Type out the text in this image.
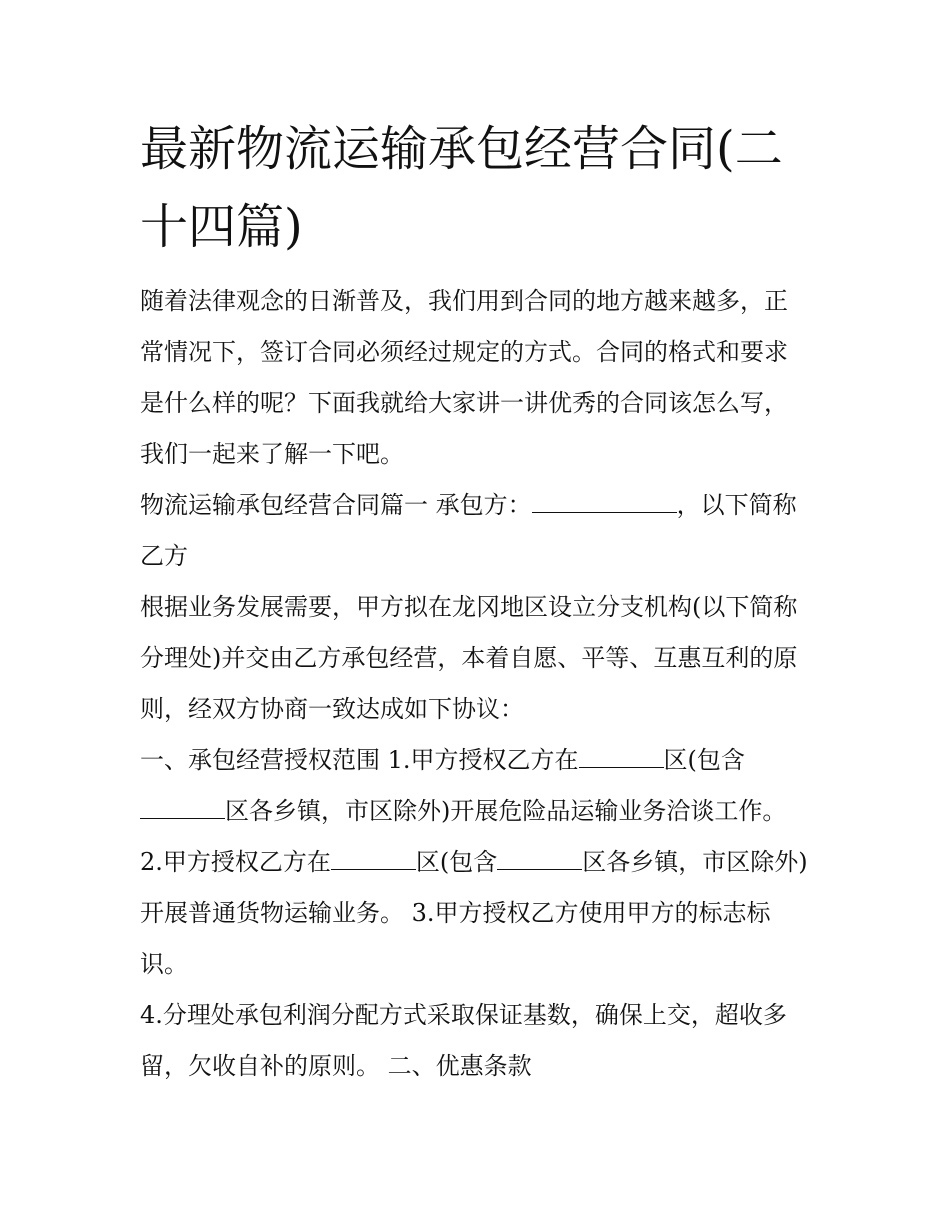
最新物流运输承包经营合同(二十四篇)

随着法律观念的日渐普及，我们用到合同的地方越来越多，正常情况下，签订合同必须经过规定的方式。合同的格式和要求是什么样的呢？下面我就给大家讲一讲优秀的合同该怎么写，我们一起来了解一下吧。

物流运输承包经营合同篇一 承包方：	，以下简称乙方

根据业务发展需要，甲方拟在龙冈地区设立分支机构(以下简称分理处)并交由乙方承包经营，本着自愿、平等、互惠互利的原则，经双方协商一致达成如下协议：

一、承包经营授权范围 1.甲方授权乙方在	区(包含区各乡镇，市区除外)开展危险品运输业务洽谈工作。

2.甲方授权乙方在	区(包含	区各乡镇，市区除外)开展普通货物运输业务。 3.甲方授权乙方使用甲方的标志标识。

4.分理处承包利润分配方式采取保证基数，确保上交，超收多留，欠收自补的原则。 二、优惠条款
